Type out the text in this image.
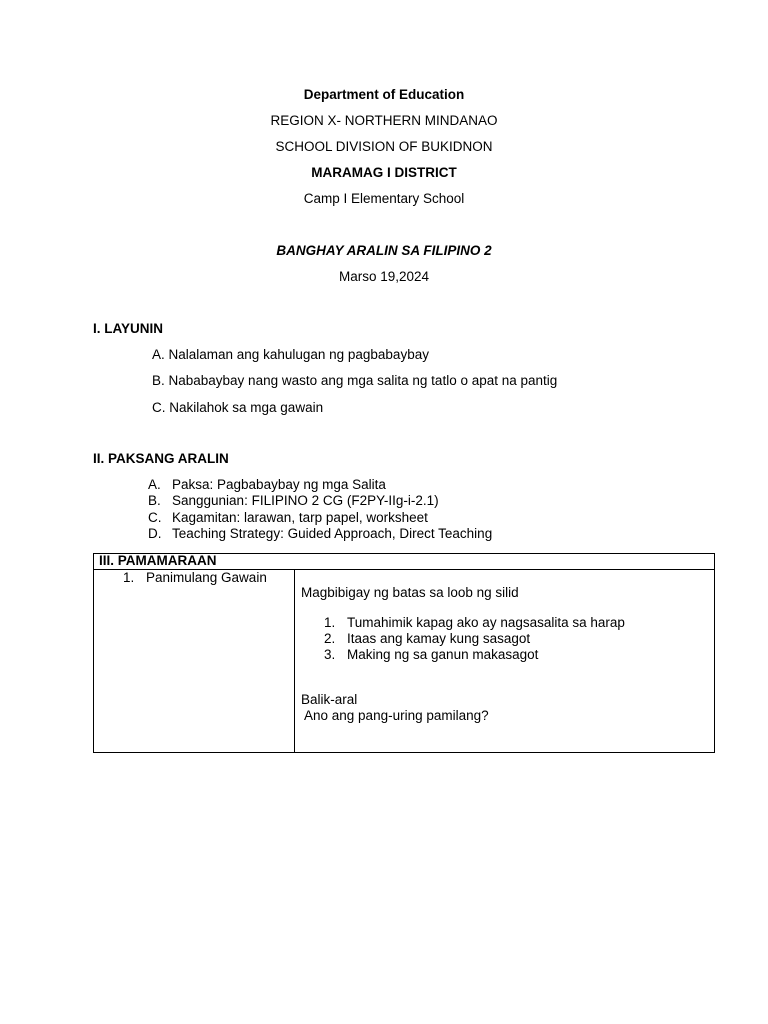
Department of Education
REGION X- NORTHERN MINDANAO
SCHOOL DIVISION OF BUKIDNON
MARAMAG I DISTRICT
Camp I Elementary School
BANGHAY ARALIN SA FILIPINO 2
Marso 19,2024
I. LAYUNIN
A. Nalalaman ang kahulugan ng pagbabaybay
B. Nababaybay nang wasto ang mga salita ng tatlo o apat na pantig
C. Nakilahok sa mga gawain
II. PAKSANG ARALIN
A. Paksa: Pagbabaybay ng mga Salita
B. Sanggunian: FILIPINO 2 CG (F2PY-IIg-i-2.1)
C. Kagamitan: larawan, tarp papel, worksheet
D. Teaching Strategy: Guided Approach, Direct Teaching
III. PAMAMARAAN
1. Panimulang Gawain
Magbibigay ng batas sa loob ng silid
1. Tumahimik kapag ako ay nagsasalita sa harap
2. Itaas ang kamay kung sasagot
3. Making ng sa ganun makasagot
Balik-aral
Ano ang pang-uring pamilang?
